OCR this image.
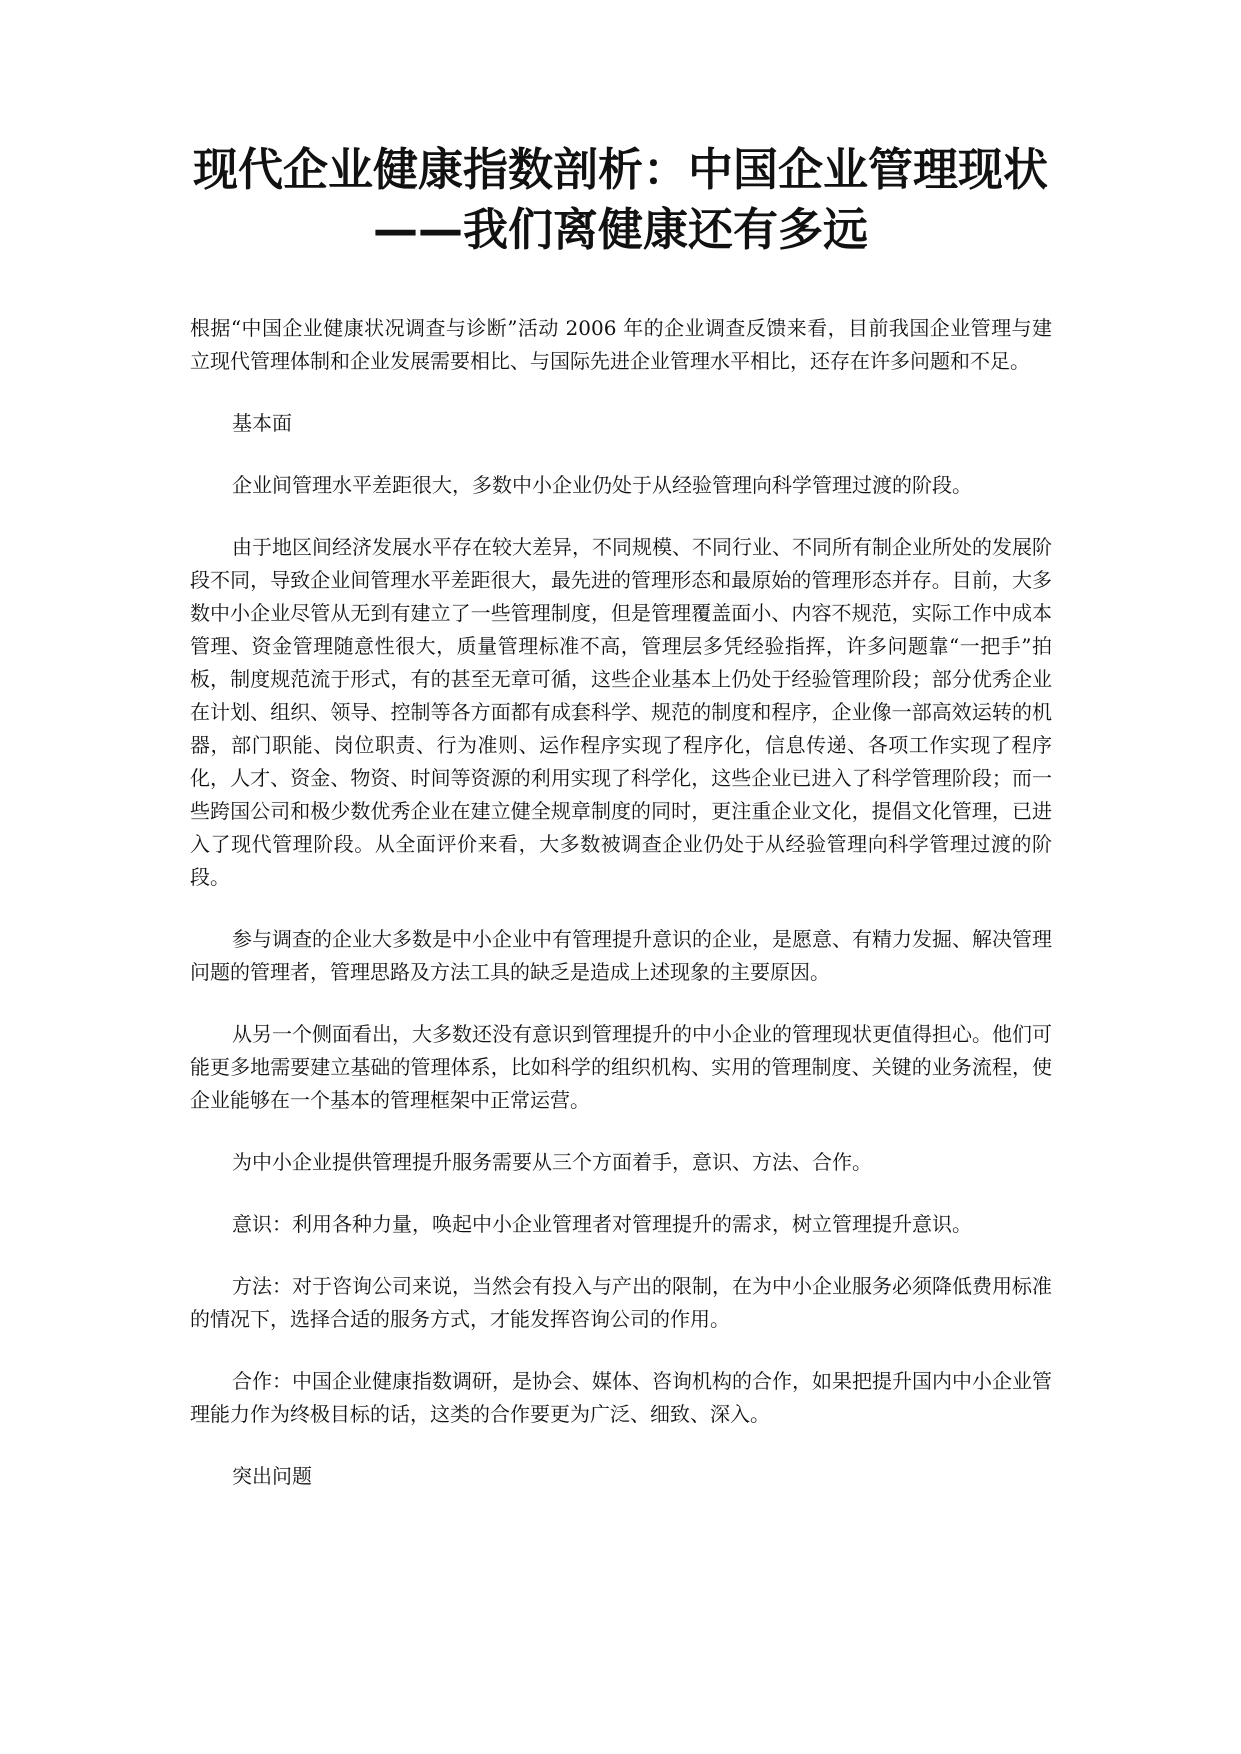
现代企业健康指数剖析：中国企业管理现状
——我们离健康还有多远

根据“中国企业健康状况调查与诊断”活动 2006 年的企业调查反馈来看，目前我国企业管理与建立现代管理体制和企业发展需要相比、与国际先进企业管理水平相比，还存在许多问题和不足。

基本面

企业间管理水平差距很大，多数中小企业仍处于从经验管理向科学管理过渡的阶段。

由于地区间经济发展水平存在较大差异，不同规模、不同行业、不同所有制企业所处的发展阶段不同，导致企业间管理水平差距很大，最先进的管理形态和最原始的管理形态并存。目前，大多数中小企业尽管从无到有建立了一些管理制度，但是管理覆盖面小、内容不规范，实际工作中成本管理、资金管理随意性很大，质量管理标准不高，管理层多凭经验指挥，许多问题靠“一把手”拍板，制度规范流于形式，有的甚至无章可循，这些企业基本上仍处于经验管理阶段；部分优秀企业在计划、组织、领导、控制等各方面都有成套科学、规范的制度和程序，企业像一部高效运转的机器，部门职能、岗位职责、行为准则、运作程序实现了程序化，信息传递、各项工作实现了程序化，人才、资金、物资、时间等资源的利用实现了科学化，这些企业已进入了科学管理阶段；而一些跨国公司和极少数优秀企业在建立健全规章制度的同时，更注重企业文化，提倡文化管理，已进入了现代管理阶段。从全面评价来看，大多数被调查企业仍处于从经验管理向科学管理过渡的阶段。

参与调查的企业大多数是中小企业中有管理提升意识的企业，是愿意、有精力发掘、解决管理问题的管理者，管理思路及方法工具的缺乏是造成上述现象的主要原因。

从另一个侧面看出，大多数还没有意识到管理提升的中小企业的管理现状更值得担心。他们可能更多地需要建立基础的管理体系，比如科学的组织机构、实用的管理制度、关键的业务流程，使企业能够在一个基本的管理框架中正常运营。

为中小企业提供管理提升服务需要从三个方面着手，意识、方法、合作。

意识：利用各种力量，唤起中小企业管理者对管理提升的需求，树立管理提升意识。

方法：对于咨询公司来说，当然会有投入与产出的限制，在为中小企业服务必须降低费用标准的情况下，选择合适的服务方式，才能发挥咨询公司的作用。

合作：中国企业健康指数调研，是协会、媒体、咨询机构的合作，如果把提升国内中小企业管理能力作为终极目标的话，这类的合作要更为广泛、细致、深入。

突出问题
